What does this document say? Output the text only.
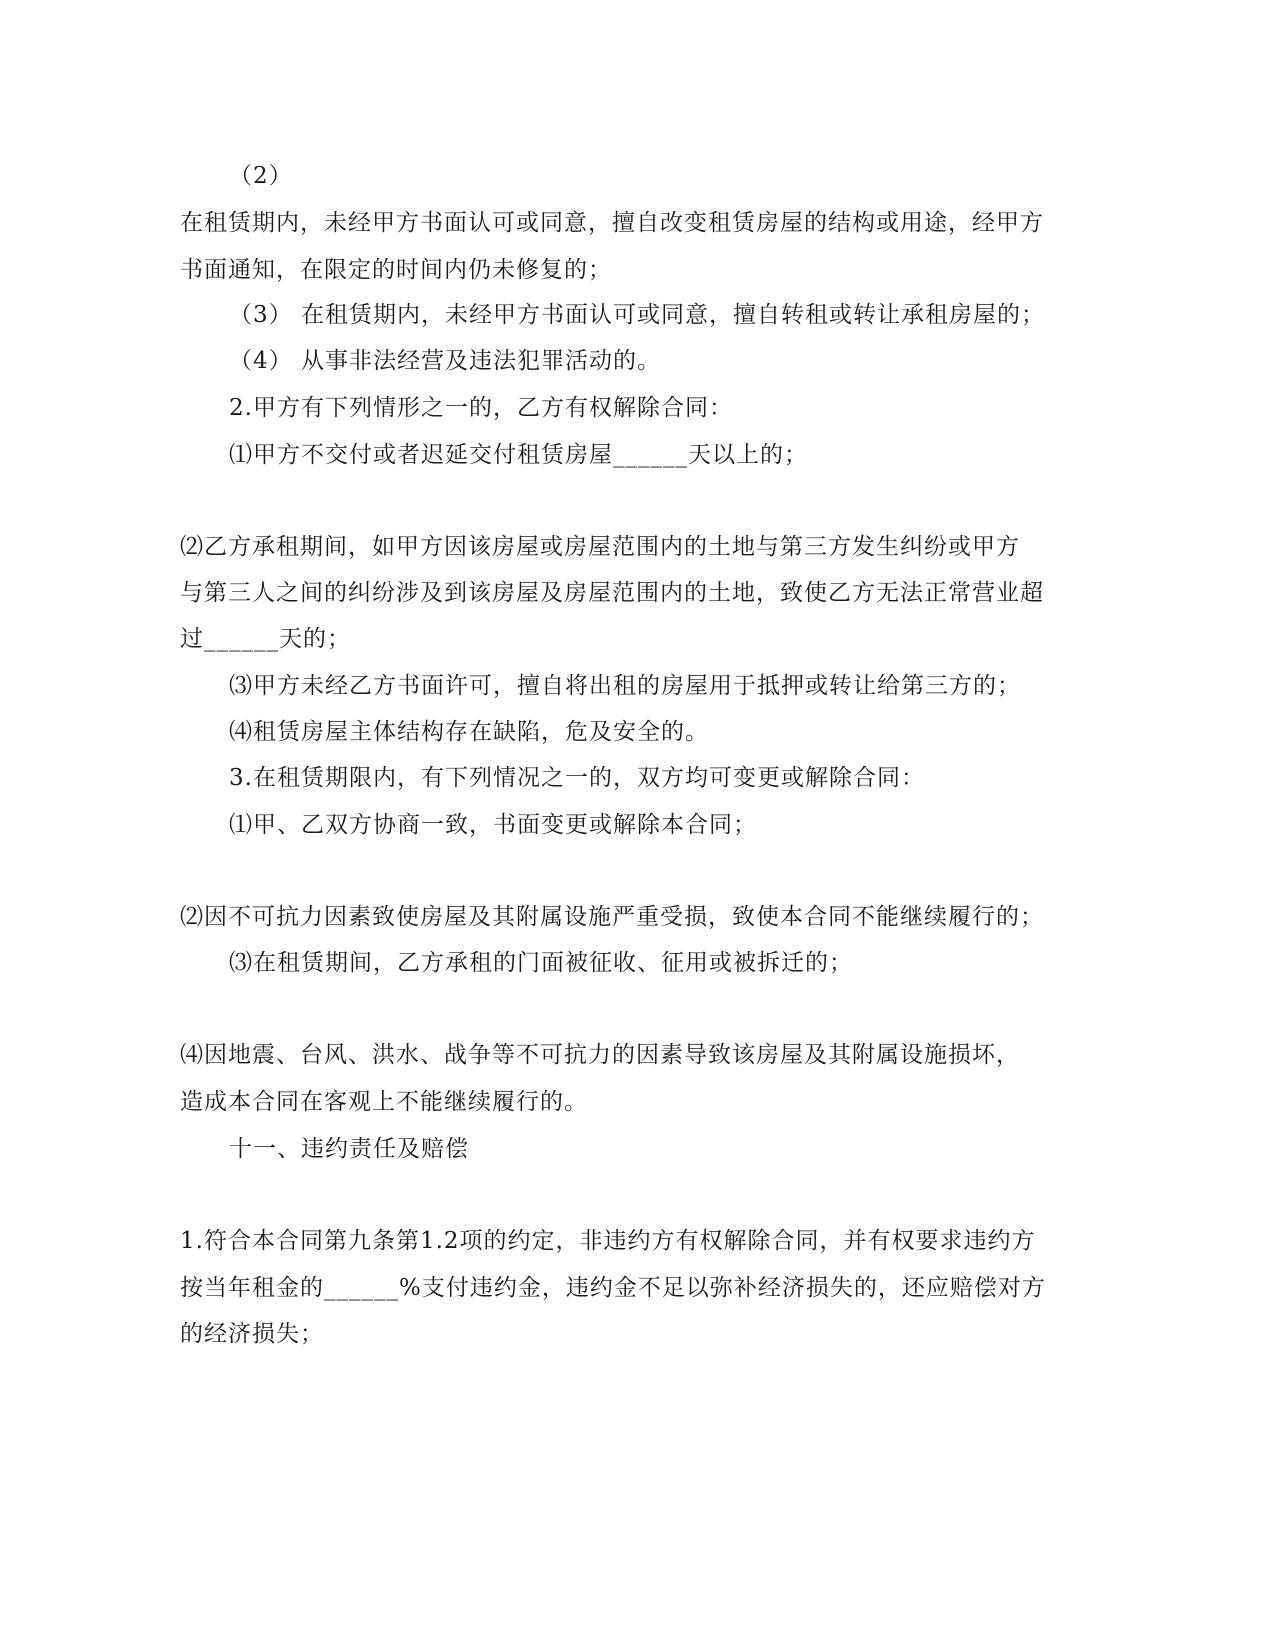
（2）
在租赁期内，未经甲方书面认可或同意，擅自改变租赁房屋的结构或用途，经甲方
书面通知，在限定的时间内仍未修复的；
（3） 在租赁期内，未经甲方书面认可或同意，擅自转租或转让承租房屋的；
（4） 从事非法经营及违法犯罪活动的。
2.甲方有下列情形之一的，乙方有权解除合同：
⑴甲方不交付或者迟延交付租赁房屋______天以上的；
⑵乙方承租期间，如甲方因该房屋或房屋范围内的土地与第三方发生纠纷或甲方
与第三人之间的纠纷涉及到该房屋及房屋范围内的土地，致使乙方无法正常营业超
过______天的；
⑶甲方未经乙方书面许可，擅自将出租的房屋用于抵押或转让给第三方的；
⑷租赁房屋主体结构存在缺陷，危及安全的。
3.在租赁期限内，有下列情况之一的，双方均可变更或解除合同：
⑴甲、乙双方协商一致，书面变更或解除本合同；
⑵因不可抗力因素致使房屋及其附属设施严重受损，致使本合同不能继续履行的；
⑶在租赁期间，乙方承租的门面被征收、征用或被拆迁的；
⑷因地震、台风、洪水、战争等不可抗力的因素导致该房屋及其附属设施损坏，
造成本合同在客观上不能继续履行的。
十一、违约责任及赔偿
1.符合本合同第九条第1.2项的约定，非违约方有权解除合同，并有权要求违约方
按当年租金的______%支付违约金，违约金不足以弥补经济损失的，还应赔偿对方
的经济损失；
